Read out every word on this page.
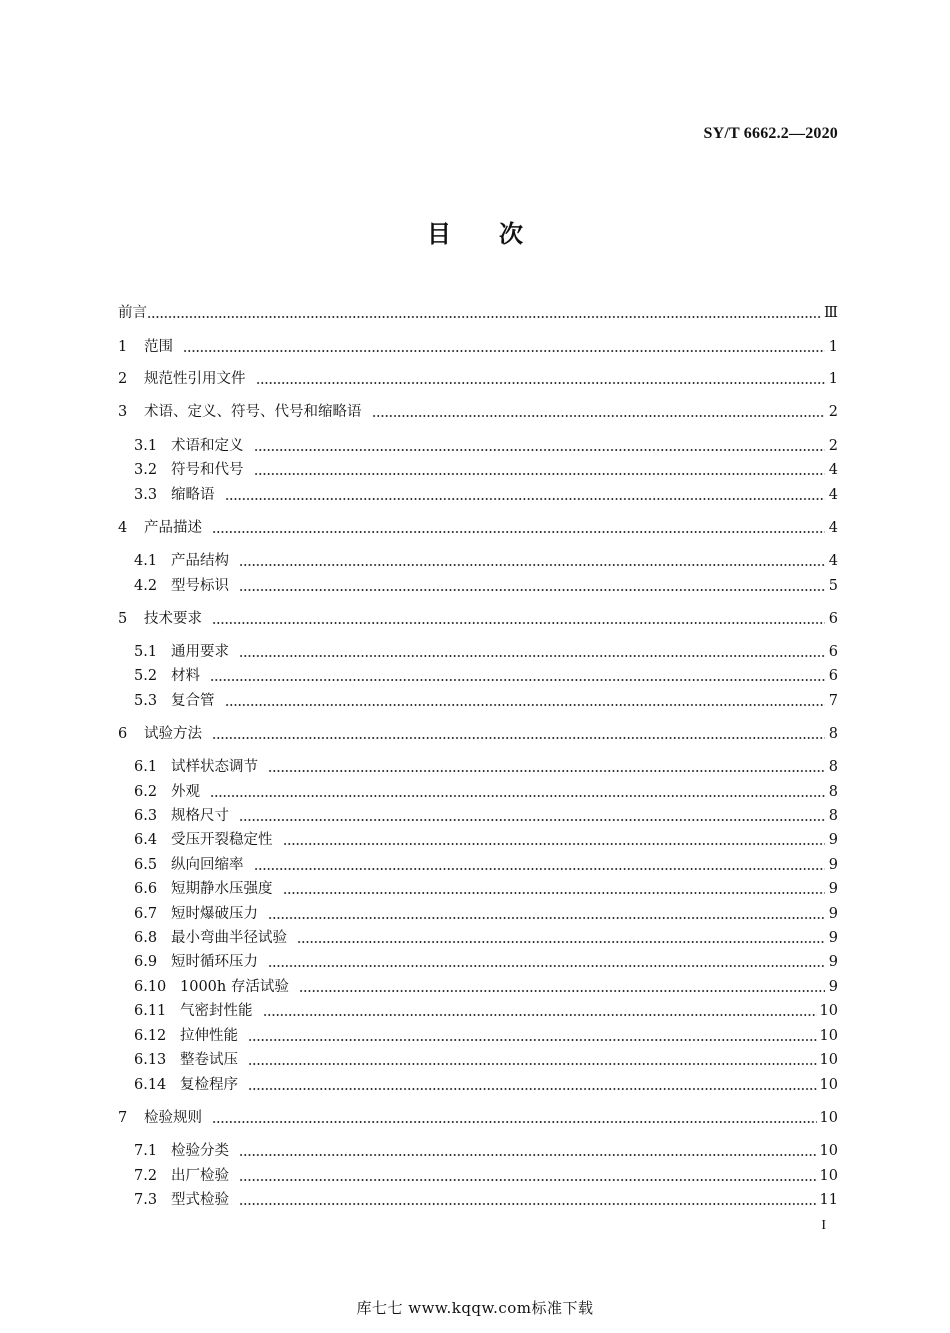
SY/T 6662.2—2020
目次
前言	Ⅲ
1	范围	1
2	规范性引用文件	1
3	术语、定义、符号、代号和缩略语	2
3.1 术语和定义	2
3.2 符号和代号	4
3.3 缩略语	4
4	产品描述	4
4.1 产品结构	4
4.2 型号标识	5
5	技术要求	6
5.1 通用要求	6
5.2 材料	6
5.3 复合管	7
6	试验方法	8
6.1 试样状态调节	8
6.2 外观	8
6.3 规格尺寸	8
6.4 受压开裂稳定性	9
6.5 纵向回缩率	9
6.6 短期静水压强度	9
6.7 短时爆破压力	9
6.8 最小弯曲半径试验	9
6.9 短时循环压力	9
6.10 1000h 存活试验	9
6.11 气密封性能	10
6.12 拉伸性能	10
6.13 整卷试压	10
6.14 复检程序	10
7	检验规则	10
7.1 检验分类	10
7.2 出厂检验	10
7.3 型式检验	11
I
库七七 www.kqqw.com标准下载
